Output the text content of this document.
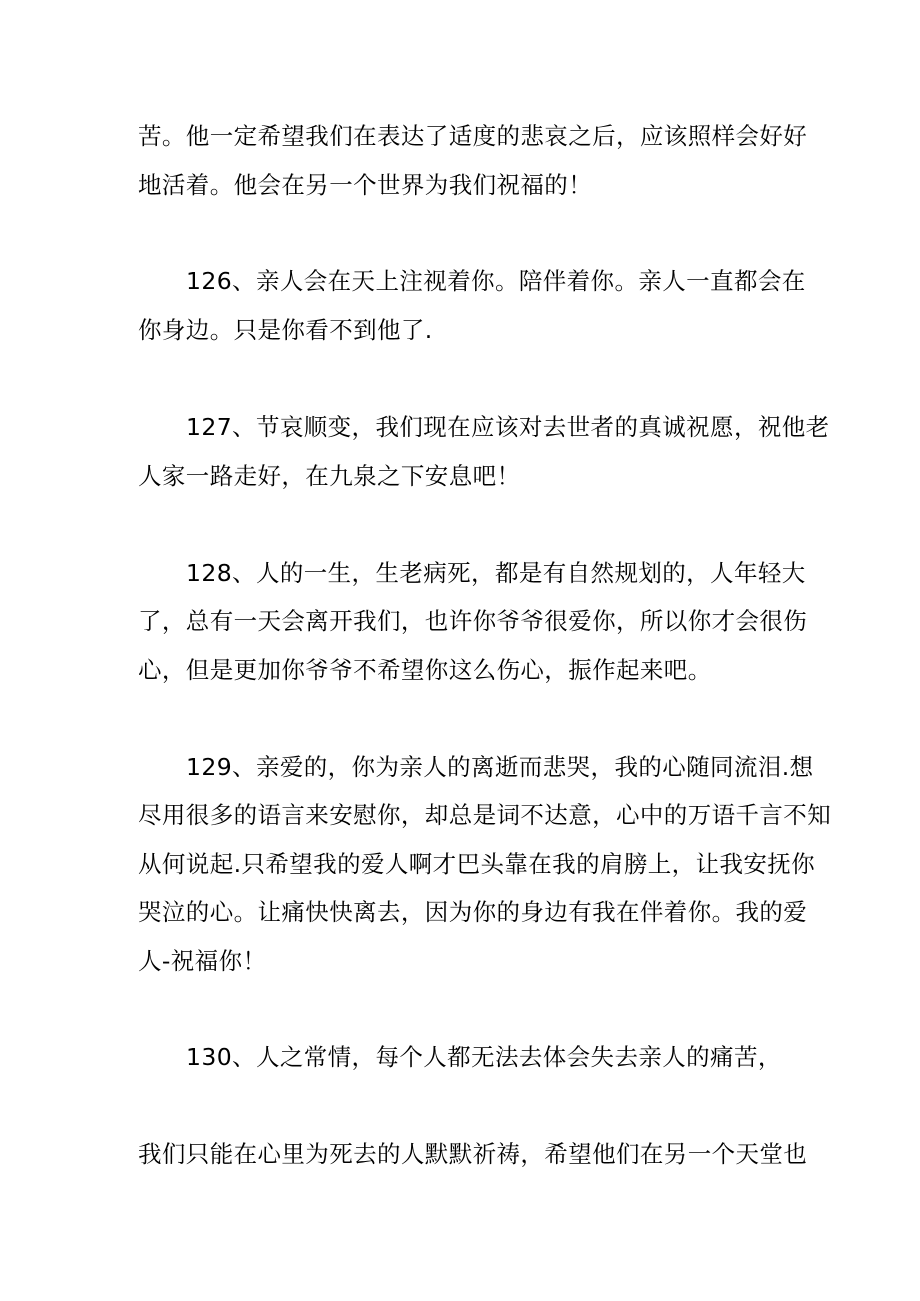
苦。他一定希望我们在表达了适度的悲哀之后，应该照样会好好
地活着。他会在另一个世界为我们祝福的！
126、亲人会在天上注视着你。陪伴着你。亲人一直都会在
你身边。只是你看不到他了.
127、节哀顺变，我们现在应该对去世者的真诚祝愿，祝他老
人家一路走好，在九泉之下安息吧！
128、人的一生，生老病死，都是有自然规划的，人年轻大
了，总有一天会离开我们，也许你爷爷很爱你，所以你才会很伤
心，但是更加你爷爷不希望你这么伤心，振作起来吧。
129、亲爱的，你为亲人的离逝而悲哭，我的心随同流泪.想
尽用很多的语言来安慰你，却总是词不达意，心中的万语千言不知
从何说起.只希望我的爱人啊才巴头靠在我的肩膀上，让我安抚你
哭泣的心。让痛快快离去，因为你的身边有我在伴着你。我的爱
人-祝福你！
130、人之常情，每个人都无法去体会失去亲人的痛苦，
我们只能在心里为死去的人默默祈祷，希望他们在另一个天堂也
